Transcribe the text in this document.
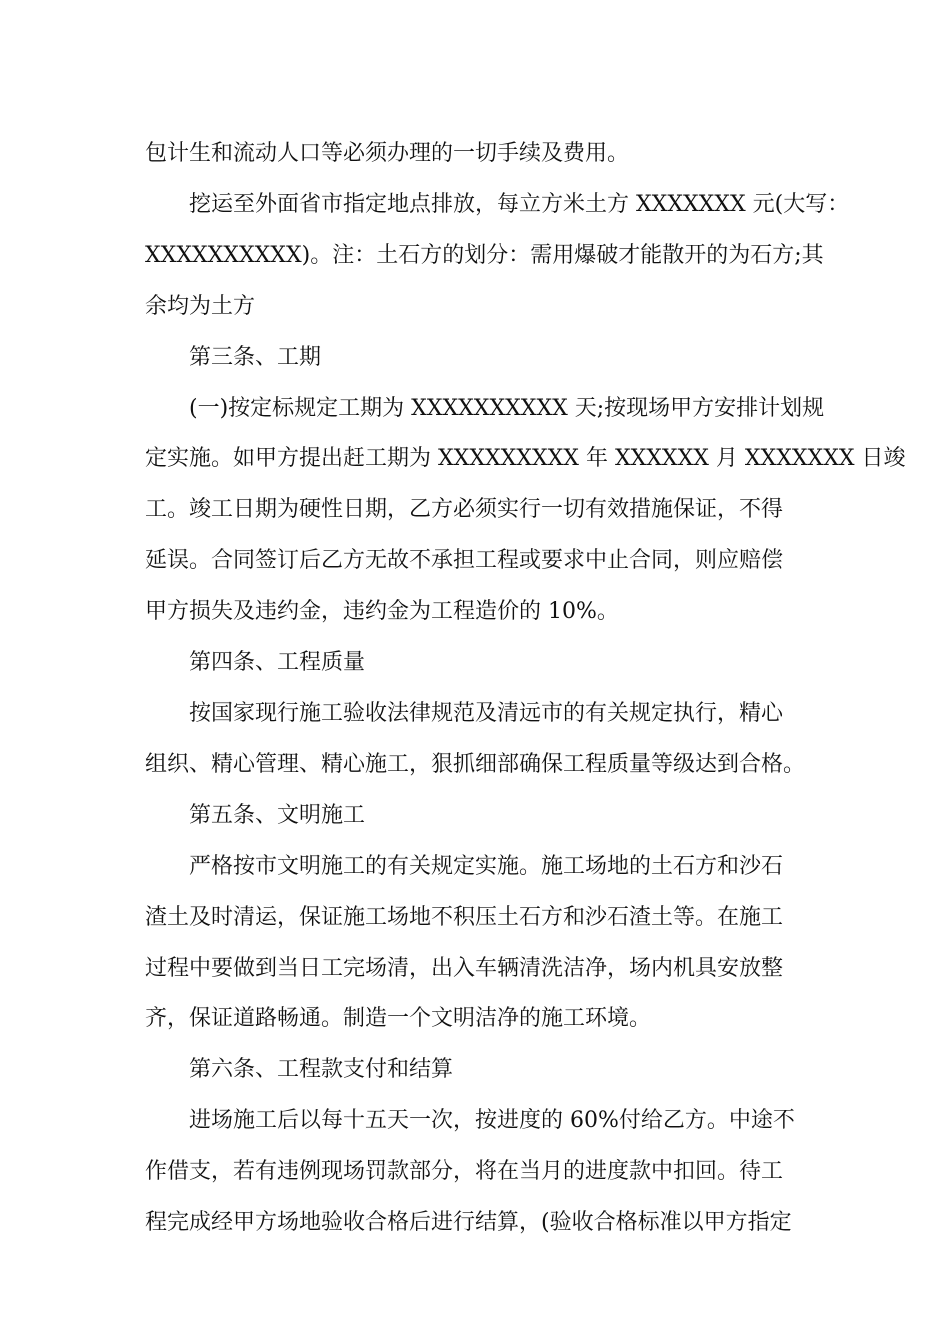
包计生和流动人口等必须办理的一切手续及费用。

挖运至外面省市指定地点排放，每立方米土方 XXXXXXX 元(大写：
XXXXXXXXXX)。注：土石方的划分：需用爆破才能散开的为石方;其
余均为土方

第三条、工期

(一)按定标规定工期为 XXXXXXXXXX 天;按现场甲方安排计划规
定实施。如甲方提出赶工期为 XXXXXXXXX 年 XXXXXX 月 XXXXXXX 日竣
工。竣工日期为硬性日期，乙方必须实行一切有效措施保证，不得
延误。合同签订后乙方无故不承担工程或要求中止合同，则应赔偿
甲方损失及违约金，违约金为工程造价的 10%。

第四条、工程质量

按国家现行施工验收法律规范及清远市的有关规定执行，精心
组织、精心管理、精心施工，狠抓细部确保工程质量等级达到合格。

第五条、文明施工

严格按市文明施工的有关规定实施。施工场地的土石方和沙石
渣土及时清运，保证施工场地不积压土石方和沙石渣土等。在施工
过程中要做到当日工完场清，出入车辆清洗洁净，场内机具安放整
齐，保证道路畅通。制造一个文明洁净的施工环境。

第六条、工程款支付和结算

进场施工后以每十五天一次，按进度的 60%付给乙方。中途不
作借支，若有违例现场罚款部分，将在当月的进度款中扣回。待工
程完成经甲方场地验收合格后进行结算，(验收合格标准以甲方指定
